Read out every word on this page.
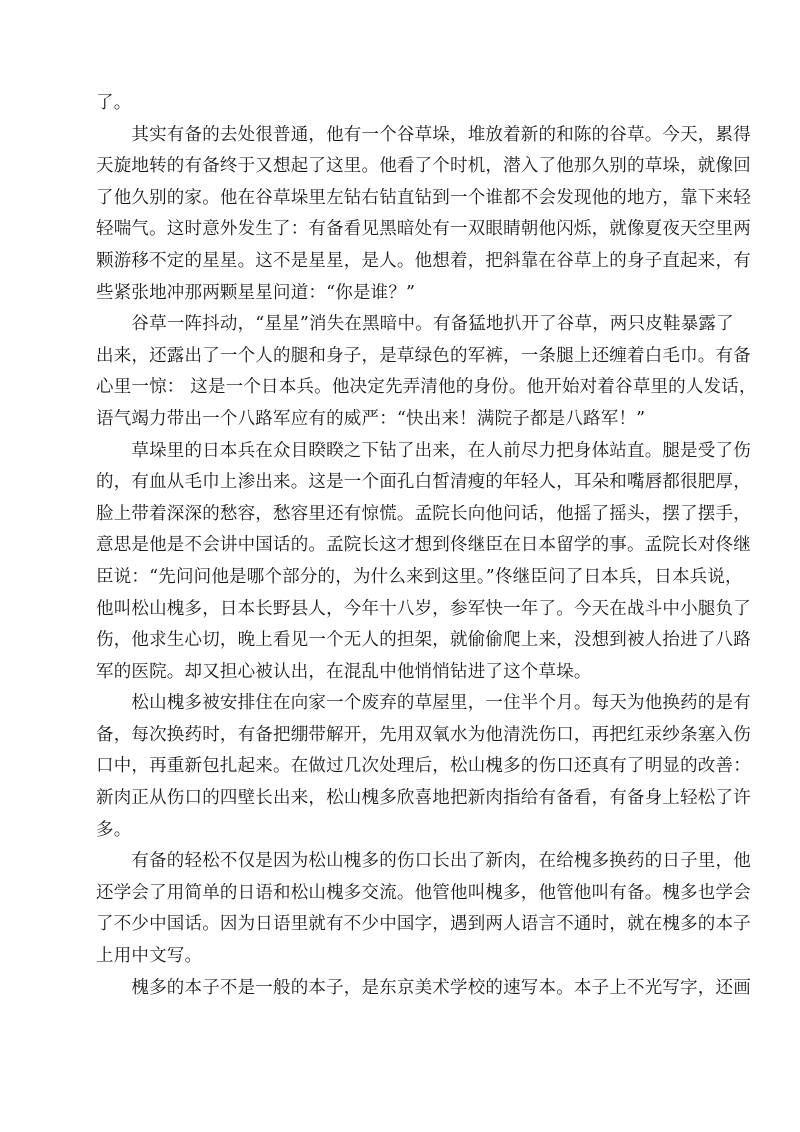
了。
　　其实有备的去处很普通，他有一个谷草垛，堆放着新的和陈的谷草。今天，累得
天旋地转的有备终于又想起了这里。他看了个时机，潜入了他那久别的草垛，就像回
了他久别的家。他在谷草垛里左钻右钻直钻到一个谁都不会发现他的地方，靠下来轻
轻喘气。这时意外发生了：有备看见黑暗处有一双眼睛朝他闪烁，就像夏夜天空里两
颗游移不定的星星。这不是星星，是人。他想着，把斜靠在谷草上的身子直起来，有
些紧张地冲那两颗星星问道：“你是谁？”
　　谷草一阵抖动，“星星”消失在黑暗中。有备猛地扒开了谷草，两只皮鞋暴露了
出来，还露出了一个人的腿和身子，是草绿色的军裤，一条腿上还缠着白毛巾。有备
心里一惊： 这是一个日本兵。他决定先弄清他的身份。他开始对着谷草里的人发话，
语气竭力带出一个八路军应有的威严：“快出来！满院子都是八路军！”
　　草垛里的日本兵在众目睽睽之下钻了出来，在人前尽力把身体站直。腿是受了伤
的，有血从毛巾上渗出来。这是一个面孔白皙清瘦的年轻人，耳朵和嘴唇都很肥厚，
脸上带着深深的愁容，愁容里还有惊慌。孟院长向他问话，他摇了摇头，摆了摆手，
意思是他是不会讲中国话的。孟院长这才想到佟继臣在日本留学的事。孟院长对佟继
臣说：“先问问他是哪个部分的，为什么来到这里。”佟继臣问了日本兵，日本兵说，
他叫松山槐多，日本长野县人，今年十八岁，参军快一年了。今天在战斗中小腿负了
伤，他求生心切，晚上看见一个无人的担架，就偷偷爬上来，没想到被人抬进了八路
军的医院。却又担心被认出，在混乱中他悄悄钻进了这个草垛。
　　松山槐多被安排住在向家一个废弃的草屋里，一住半个月。每天为他换药的是有
备，每次换药时，有备把绷带解开，先用双氧水为他清洗伤口，再把红汞纱条塞入伤
口中，再重新包扎起来。在做过几次处理后，松山槐多的伤口还真有了明显的改善：
新肉正从伤口的四壁长出来，松山槐多欣喜地把新肉指给有备看，有备身上轻松了许
多。
　　有备的轻松不仅是因为松山槐多的伤口长出了新肉，在给槐多换药的日子里，他
还学会了用简单的日语和松山槐多交流。他管他叫槐多，他管他叫有备。槐多也学会
了不少中国话。因为日语里就有不少中国字，遇到两人语言不通时，就在槐多的本子
上用中文写。
　　槐多的本子不是一般的本子，是东京美术学校的速写本。本子上不光写字，还画
